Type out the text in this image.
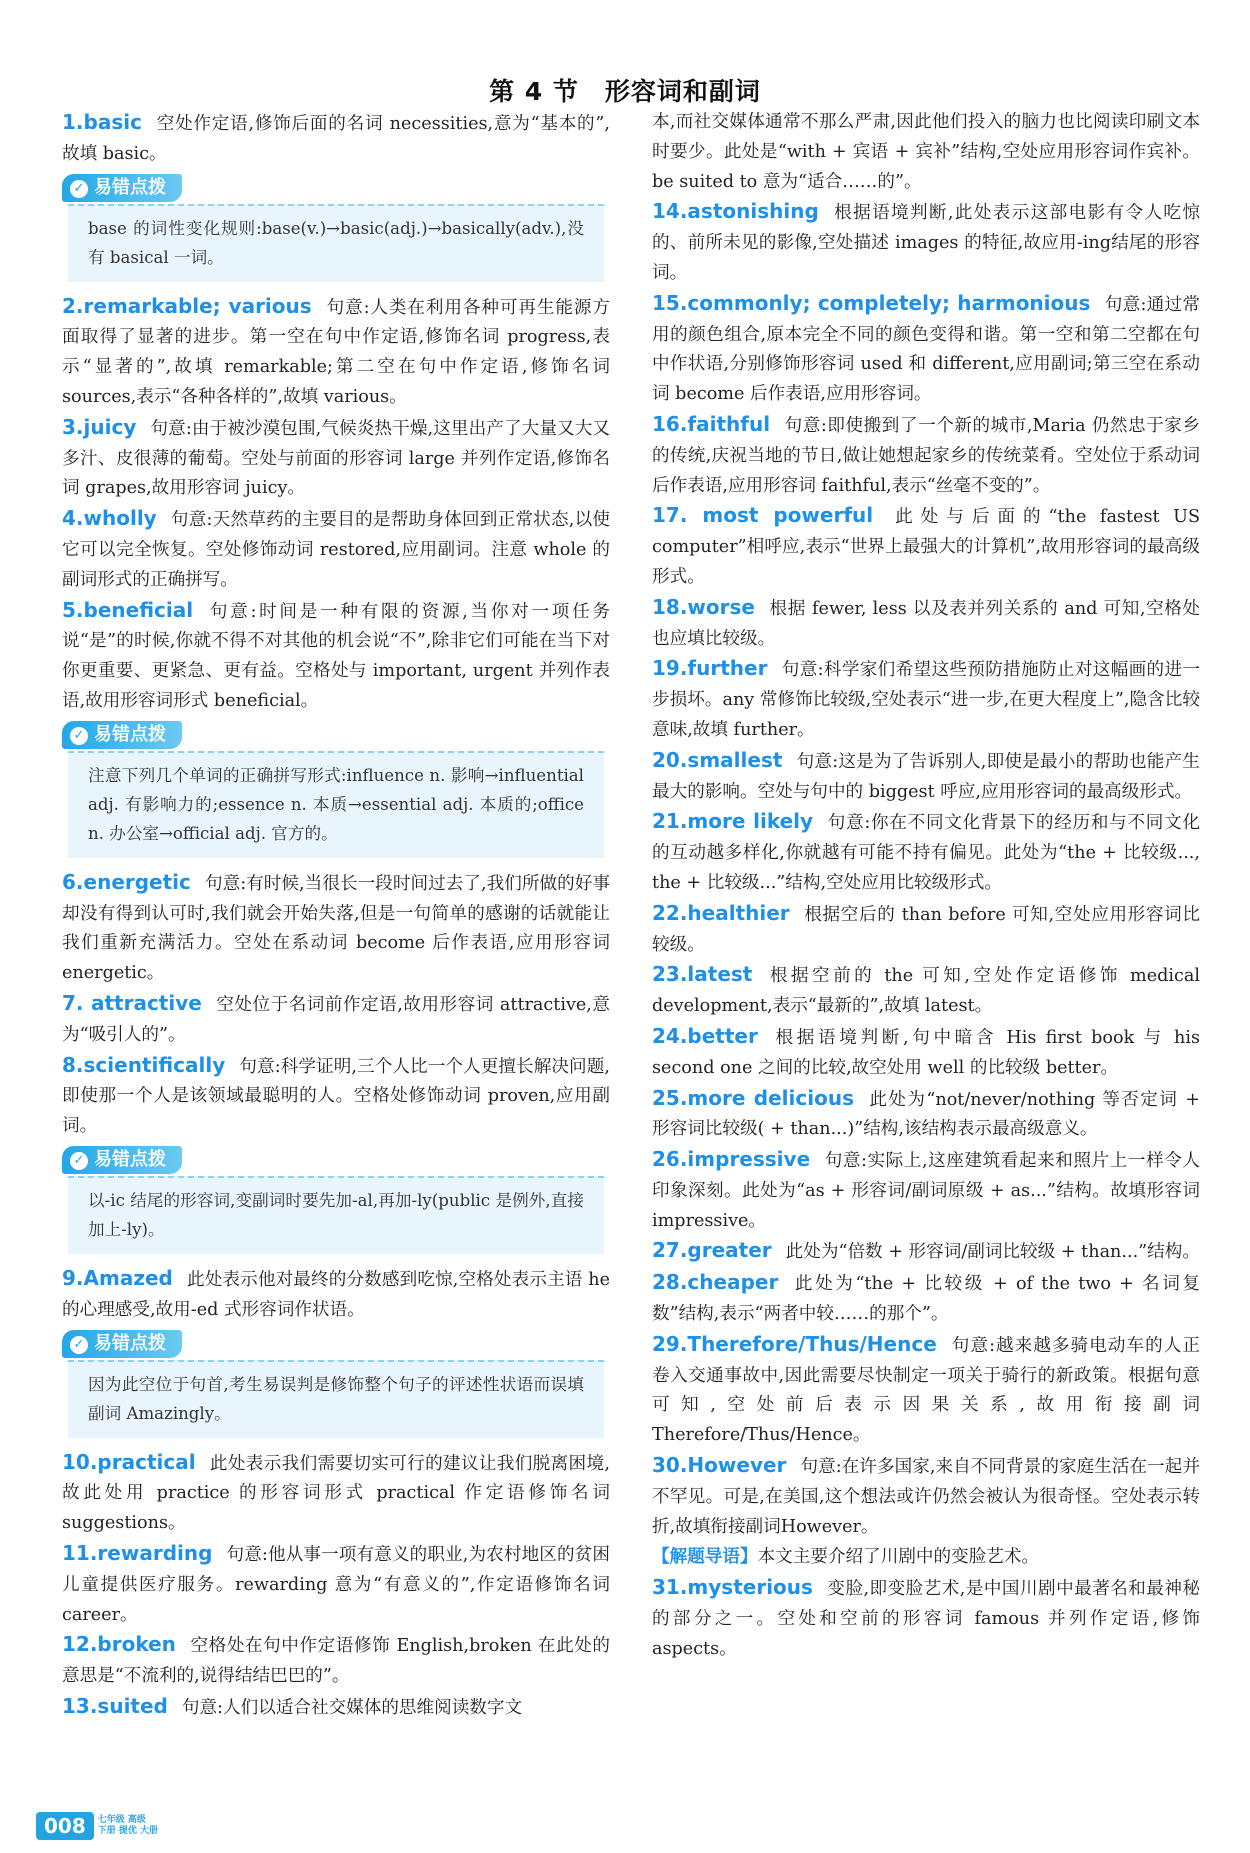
第 4 节　形容词和副词
1.basic 空处作定语,修饰后面的名词 necessities,意为“基本的”,故填 basic。
✓ 易错点拨
base 的词性变化规则:base(v.)→basic(adj.)→basically(adv.),没有 basical 一词。
2.remarkable; various 句意:人类在利用各种可再生能源方面取得了显著的进步。第一空在句中作定语,修饰名词 progress,表示“显著的”,故填 remarkable;第二空在句中作定语,修饰名词 sources,表示“各种各样的”,故填 various。
3.juicy 句意:由于被沙漠包围,气候炎热干燥,这里出产了大量又大又多汁、皮很薄的葡萄。空处与前面的形容词 large 并列作定语,修饰名词 grapes,故用形容词 juicy。
4.wholly 句意:天然草药的主要目的是帮助身体回到正常状态,以使它可以完全恢复。空处修饰动词 restored,应用副词。注意 whole 的副词形式的正确拼写。
5.beneficial 句意:时间是一种有限的资源,当你对一项任务说“是”的时候,你就不得不对其他的机会说“不”,除非它们可能在当下对你更重要、更紧急、更有益。空格处与 important, urgent 并列作表语,故用形容词形式 beneficial。
✓ 易错点拨
注意下列几个单词的正确拼写形式:influence n. 影响→influential adj. 有影响力的;essence n. 本质→essential adj. 本质的;office n. 办公室→official adj. 官方的。
6.energetic 句意:有时候,当很长一段时间过去了,我们所做的好事却没有得到认可时,我们就会开始失落,但是一句简单的感谢的话就能让我们重新充满活力。空处在系动词 become 后作表语,应用形容词 energetic。
7. attractive 空处位于名词前作定语,故用形容词 attractive,意为“吸引人的”。
8.scientifically 句意:科学证明,三个人比一个人更擅长解决问题,即使那一个人是该领域最聪明的人。空格处修饰动词 proven,应用副词。
✓ 易错点拨
以-ic 结尾的形容词,变副词时要先加-al,再加-ly(public 是例外,直接加上-ly)。
9.Amazed 此处表示他对最终的分数感到吃惊,空格处表示主语 he 的心理感受,故用-ed 式形容词作状语。
✓ 易错点拨
因为此空位于句首,考生易误判是修饰整个句子的评述性状语而误填副词 Amazingly。
10.practical 此处表示我们需要切实可行的建议让我们脱离困境,故此处用 practice 的形容词形式 practical 作定语修饰名词 suggestions。
11.rewarding 句意:他从事一项有意义的职业,为农村地区的贫困儿童提供医疗服务。rewarding 意为“有意义的”,作定语修饰名词 career。
12.broken 空格处在句中作定语修饰 English,broken 在此处的意思是“不流利的,说得结结巴巴的”。
13.suited 句意:人们以适合社交媒体的思维阅读数字文
本,而社交媒体通常不那么严肃,因此他们投入的脑力也比阅读印刷文本时要少。此处是“with + 宾语 + 宾补”结构,空处应用形容词作宾补。be suited to 意为“适合……的”。
14.astonishing 根据语境判断,此处表示这部电影有令人吃惊的、前所未见的影像,空处描述 images 的特征,故应用-ing结尾的形容词。
15.commonly; completely; harmonious 句意:通过常用的颜色组合,原本完全不同的颜色变得和谐。第一空和第二空都在句中作状语,分别修饰形容词 used 和 different,应用副词;第三空在系动词 become 后作表语,应用形容词。
16.faithful 句意:即使搬到了一个新的城市,Maria 仍然忠于家乡的传统,庆祝当地的节日,做让她想起家乡的传统菜肴。空处位于系动词后作表语,应用形容词 faithful,表示“丝毫不变的”。
17. most powerful 此处与后面的“the fastest US computer”相呼应,表示“世界上最强大的计算机”,故用形容词的最高级形式。
18.worse 根据 fewer, less 以及表并列关系的 and 可知,空格处也应填比较级。
19.further 句意:科学家们希望这些预防措施防止对这幅画的进一步损坏。any 常修饰比较级,空处表示“进一步,在更大程度上”,隐含比较意味,故填 further。
20.smallest 句意:这是为了告诉别人,即使是最小的帮助也能产生最大的影响。空处与句中的 biggest 呼应,应用形容词的最高级形式。
21.more likely 句意:你在不同文化背景下的经历和与不同文化的互动越多样化,你就越有可能不持有偏见。此处为“the + 比较级..., the + 比较级...”结构,空处应用比较级形式。
22.healthier 根据空后的 than before 可知,空处应用形容词比较级。
23.latest 根据空前的 the 可知,空处作定语修饰 medical development,表示“最新的”,故填 latest。
24.better 根据语境判断,句中暗含 His first book 与 his second one 之间的比较,故空处用 well 的比较级 better。
25.more delicious 此处为“not/never/nothing 等否定词 + 形容词比较级( + than...)”结构,该结构表示最高级意义。
26.impressive 句意:实际上,这座建筑看起来和照片上一样令人印象深刻。此处为“as + 形容词/副词原级 + as...”结构。故填形容词 impressive。
27.greater 此处为“倍数 + 形容词/副词比较级 + than...”结构。
28.cheaper 此处为“the + 比较级 + of the two + 名词复数”结构,表示“两者中较……的那个”。
29.Therefore/Thus/Hence 句意:越来越多骑电动车的人正卷入交通事故中,因此需要尽快制定一项关于骑行的新政策。根据句意可知,空处前后表示因果关系,故用衔接副词 Therefore/Thus/Hence。
30.However 句意:在许多国家,来自不同背景的家庭生活在一起并不罕见。可是,在美国,这个想法或许仍然会被认为很奇怪。空处表示转折,故填衔接副词However。
【解题导语】本文主要介绍了川剧中的变脸艺术。
31.mysterious 变脸,即变脸艺术,是中国川剧中最著名和最神秘的部分之一。空处和空前的形容词 famous 并列作定语,修饰 aspects。
008	七年级 高级
下册 提优 大册
